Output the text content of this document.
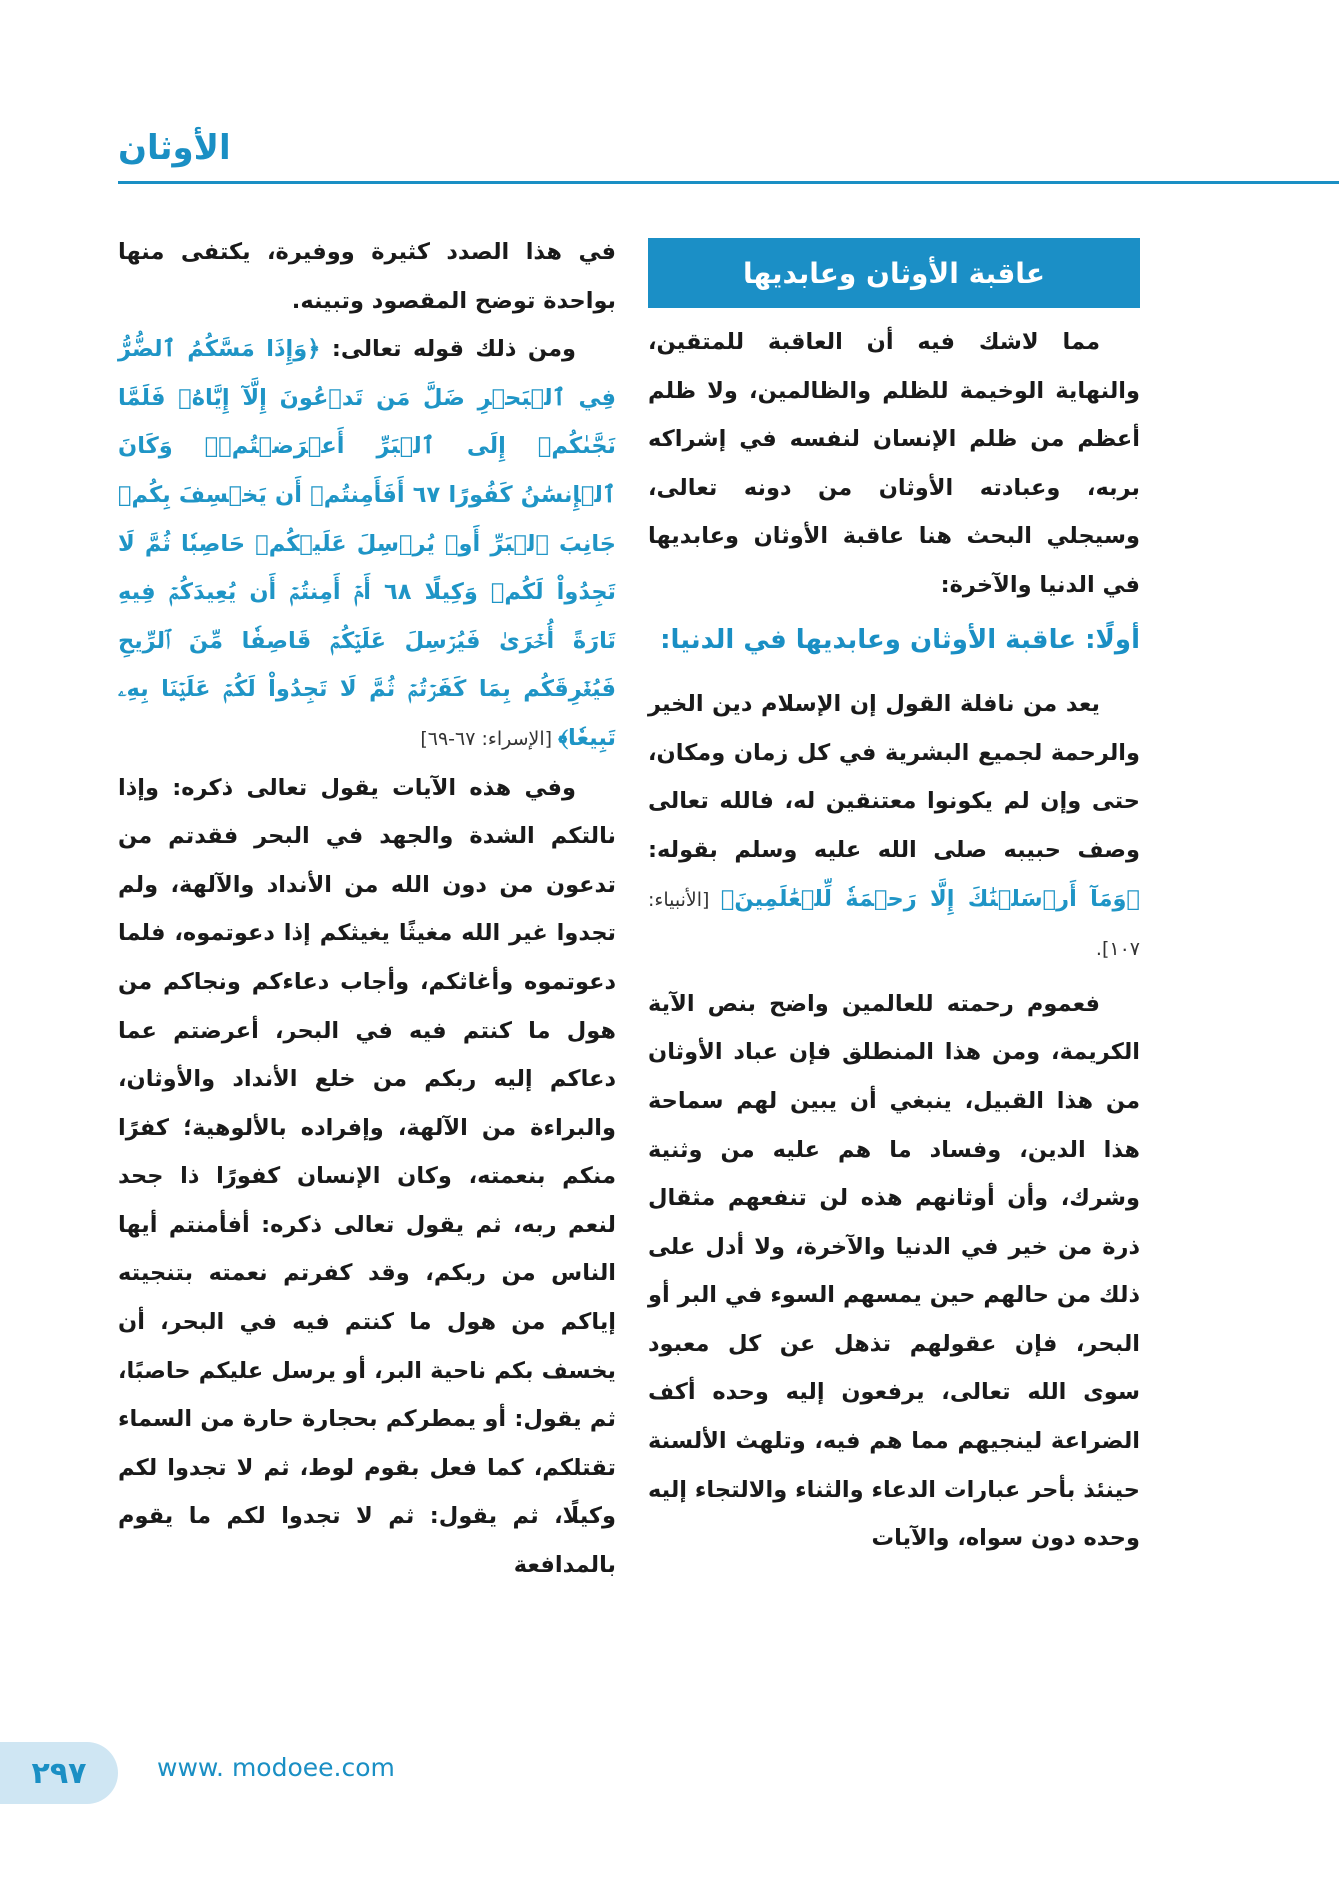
الأوثان
عاقبة الأوثان وعابديها

مما لاشك فيه أن العاقبة للمتقين، والنهاية الوخيمة للظلم والظالمين، ولا ظلم أعظم من ظلم الإنسان لنفسه في إشراكه بربه، وعبادته الأوثان من دونه تعالى، وسيجلي البحث هنا عاقبة الأوثان وعابديها في الدنيا والآخرة:

أولًا: عاقبة الأوثان وعابديها في الدنيا:

يعد من نافلة القول إن الإسلام دين الخير والرحمة لجميع البشرية في كل زمان ومكان، حتى وإن لم يكونوا معتنقين له، فالله تعالى وصف حبيبه صلى الله عليه وسلم بقوله: ﴿وَمَآ أَرۡسَلۡنَٰكَ إِلَّا رَحۡمَةٗ لِّلۡعَٰلَمِينَ﴾ [الأنبياء: ١٠٧].

فعموم رحمته للعالمين واضح بنص الآية الكريمة، ومن هذا المنطلق فإن عباد الأوثان من هذا القبيل، ينبغي أن يبين لهم سماحة هذا الدين، وفساد ما هم عليه من وثنية وشرك، وأن أوثانهم هذه لن تنفعهم مثقال ذرة من خير في الدنيا والآخرة، ولا أدل على ذلك من حالهم حين يمسهم السوء في البر أو البحر، فإن عقولهم تذهل عن كل معبود سوى الله تعالى، يرفعون إليه وحده أكف الضراعة لينجيهم مما هم فيه، وتلهث الألسنة حينئذ بأحر عبارات الدعاء والثناء والالتجاء إليه وحده دون سواه، والآيات

في هذا الصدد كثيرة ووفيرة، يكتفى منها بواحدة توضح المقصود وتبينه.

ومن ذلك قوله تعالى: ﴿وَإِذَا مَسَّكُمُ ٱلضُّرُّ فِي ٱلۡبَحۡرِ ضَلَّ مَن تَدۡعُونَ إِلَّآ إِيَّاهُۖ فَلَمَّا نَجَّىٰكُمۡ إِلَى ٱلۡبَرِّ أَعۡرَضۡتُمۡۚ وَكَانَ ٱلۡإِنسَٰنُ كَفُورًا ٦٧ أَفَأَمِنتُمۡ أَن يَخۡسِفَ بِكُمۡ جَانِبَ ٱلۡبَرِّ أَوۡ يُرۡسِلَ عَلَيۡكُمۡ حَاصِبٗا ثُمَّ لَا تَجِدُواْ لَكُمۡ وَكِيلًا ٦٨ أَمۡ أَمِنتُمۡ أَن يُعِيدَكُمۡ فِيهِ تَارَةً أُخۡرَىٰ فَيُرۡسِلَ عَلَيۡكُمۡ قَاصِفٗا مِّنَ ٱلرِّيحِ فَيُغۡرِقَكُم بِمَا كَفَرۡتُمۡ ثُمَّ لَا تَجِدُواْ لَكُمۡ عَلَيۡنَا بِهِۦ تَبِيعٗا﴾ [الإسراء: ٦٧-٦٩]

وفي هذه الآيات يقول تعالى ذكره: وإذا نالتكم الشدة والجهد في البحر فقدتم من تدعون من دون الله من الأنداد والآلهة، ولم تجدوا غير الله مغيثًا يغيثكم إذا دعوتموه، فلما دعوتموه وأغاثكم، وأجاب دعاءكم ونجاكم من هول ما كنتم فيه في البحر، أعرضتم عما دعاكم إليه ربكم من خلع الأنداد والأوثان، والبراءة من الآلهة، وإفراده بالألوهية؛ كفرًا منكم بنعمته، وكان الإنسان كفورًا ذا جحد لنعم ربه، ثم يقول تعالى ذكره: أفأمنتم أيها الناس من ربكم، وقد كفرتم نعمته بتنجيته إياكم من هول ما كنتم فيه في البحر، أن يخسف بكم ناحية البر، أو يرسل عليكم حاصبًا، ثم يقول: أو يمطركم بحجارة حارة من السماء تقتلكم، كما فعل بقوم لوط، ثم لا تجدوا لكم وكيلًا، ثم يقول: ثم لا تجدوا لكم ما يقوم بالمدافعة

٢٩٧	www. modoee.com
